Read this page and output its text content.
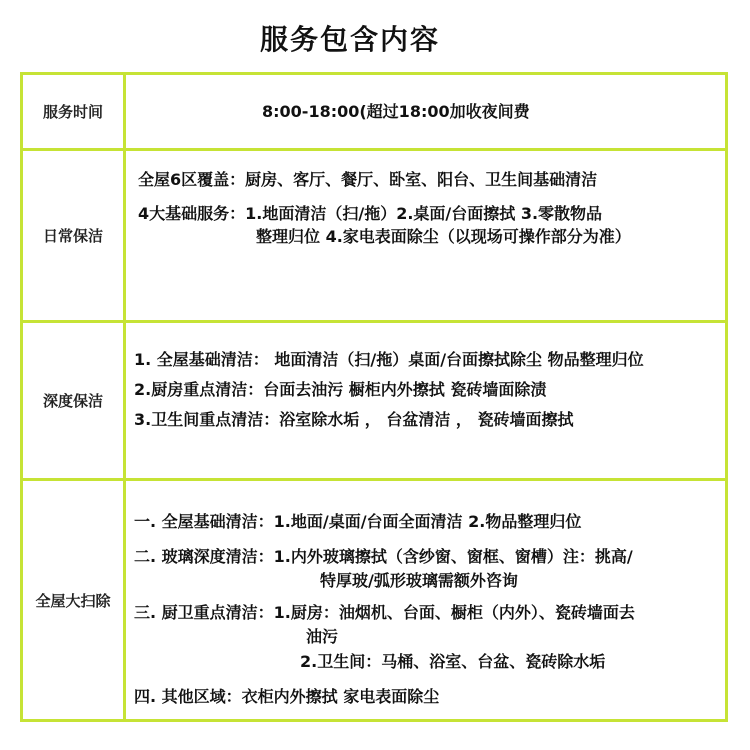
服务包含内容
服务时间	8:00-18:00(超过18:00加收夜间费
日常保洁
全屋6区覆盖：厨房、客厅、餐厅、卧室、阳台、卫生间基础清洁
4大基础服务：1.地面清洁（扫/拖）2.桌面/台面擦拭 3.零散物品
整理归位 4.家电表面除尘（以现场可操作部分为准）
深度保洁
1. 全屋基础清洁： 地面清洁（扫/拖）桌面/台面擦拭除尘 物品整理归位
2.厨房重点清洁：台面去油污 橱柜内外擦拭 瓷砖墙面除渍
3.卫生间重点清洁：浴室除水垢 ， 台盆清洁 ， 瓷砖墙面擦拭
全屋大扫除
一. 全屋基础清洁：1.地面/桌面/台面全面清洁 2.物品整理归位
二. 玻璃深度清洁：1.内外玻璃擦拭（含纱窗、窗框、窗槽）注：挑高/
特厚玻/弧形玻璃需额外咨询
三. 厨卫重点清洁：1.厨房：油烟机、台面、橱柜（内外）、瓷砖墙面去
油污
2.卫生间：马桶、浴室、台盆、瓷砖除水垢
四. 其他区域：衣柜内外擦拭 家电表面除尘
